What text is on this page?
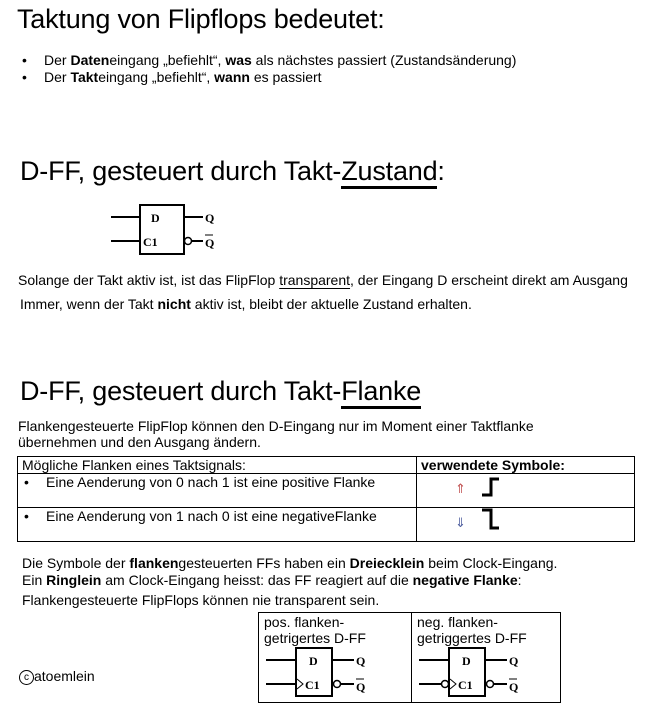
Taktung von Flipflops bedeutet:
• Der Dateneingang „befiehlt“, was als nächstes passiert (Zustandsänderung)
• Der Takteingang „befiehlt“, wann es passiert
D-FF, gesteuert durch Takt-Zustand:
D
C1
Q
Q
Solange der Takt aktiv ist, ist das FlipFlop transparent, der Eingang D erscheint direkt am Ausgang
Immer, wenn der Takt nicht aktiv ist, bleibt der aktuelle Zustand erhalten.
D-FF, gesteuert durch Takt-Flanke
Flankengesteuerte FlipFlop können den D-Eingang nur im Moment einer Taktflanke
übernehmen und den Ausgang ändern.
Mögliche Flanken eines Taktsignals:	verwendete Symbole:
• Eine Aenderung von 0 nach 1 ist eine positive Flanke	⇑

• Eine Aenderung von 1 nach 0 ist eine negativeFlanke	⇓
Die Symbole der flankengesteuerten FFs haben ein Dreiecklein beim Clock-Eingang.
Ein Ringlein am Clock-Eingang heisst: das FF reagiert auf die negative Flanke:
Flankengesteuerte FlipFlops können nie transparent sein.
pos. flanken-
getrigertes D-FF
D
C1
Q
Q

neg. flanken-
getriggertes D-FF
D
C1
Q
Q
c atoemlein
